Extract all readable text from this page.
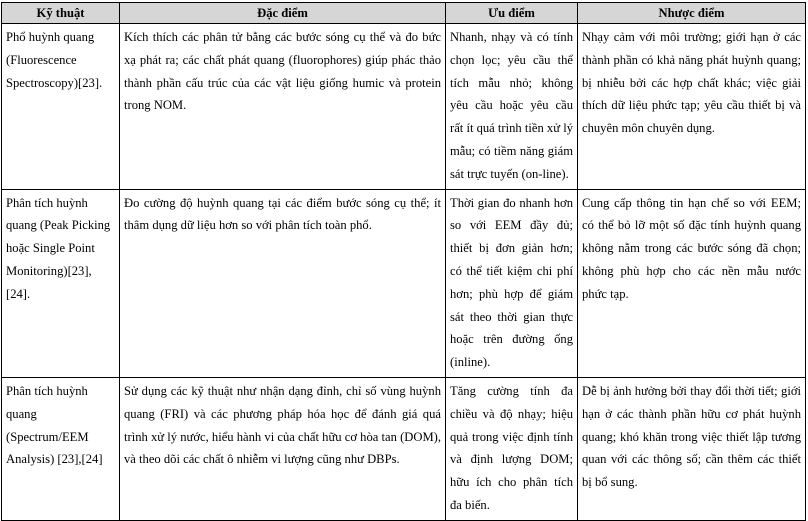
Kỹ thuật	Đặc điểm	Ưu điểm	Nhược điểm
Phổ huỳnh quang (Fluorescence Spectroscopy)[23].	Kích thích các phân tử bằng các bước sóng cụ thể và đo bức xạ phát ra; các chất phát quang (fluorophores) giúp phác thảo thành phần cấu trúc của các vật liệu giống humic và protein trong NOM.	Nhanh, nhạy và có tính chọn lọc; yêu cầu thể tích mẫu nhỏ; không yêu cầu hoặc yêu cầu rất ít quá trình tiền xử lý mẫu; có tiềm năng giám sát trực tuyến (on-line).	Nhạy cảm với môi trường; giới hạn ở các thành phần có khả năng phát huỳnh quang; bị nhiễu bởi các hợp chất khác; việc giải thích dữ liệu phức tạp; yêu cầu thiết bị và chuyên môn chuyên dụng.
Phân tích huỳnh quang (Peak Picking hoặc Single Point Monitoring)[23],[24].	Đo cường độ huỳnh quang tại các điểm bước sóng cụ thể; ít thâm dụng dữ liệu hơn so với phân tích toàn phổ.	Thời gian đo nhanh hơn so với EEM đầy đủ; thiết bị đơn giản hơn; có thể tiết kiệm chi phí hơn; phù hợp để giám sát theo thời gian thực hoặc trên đường ống (inline).	Cung cấp thông tin hạn chế so với EEM; có thể bỏ lỡ một số đặc tính huỳnh quang không nằm trong các bước sóng đã chọn; không phù hợp cho các nền mẫu nước phức tạp.
Phân tích huỳnh quang (Spectrum/EEM Analysis) [23],[24]	Sử dụng các kỹ thuật như nhận dạng đỉnh, chỉ số vùng huỳnh quang (FRI) và các phương pháp hóa học để đánh giá quá trình xử lý nước, hiểu hành vi của chất hữu cơ hòa tan (DOM), và theo dõi các chất ô nhiễm vi lượng cũng như DBPs.	Tăng cường tính đa chiều và độ nhạy; hiệu quả trong việc định tính và định lượng DOM; hữu ích cho phân tích đa biến.	Dễ bị ảnh hưởng bởi thay đổi thời tiết; giới hạn ở các thành phần hữu cơ phát huỳnh quang; khó khăn trong việc thiết lập tương quan với các thông số; cần thêm các thiết bị bổ sung.
